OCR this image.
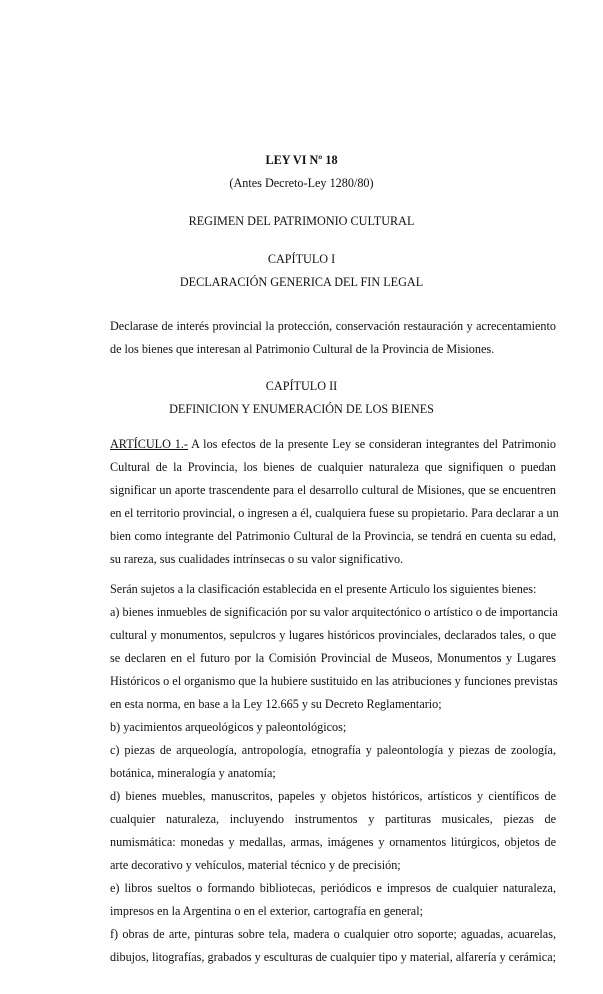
LEY VI Nº 18
(Antes Decreto-Ley 1280/80)
REGIMEN DEL PATRIMONIO CULTURAL
CAPÍTULO I
DECLARACIÓN GENERICA DEL FIN LEGAL
Declarase de interés provincial la protección, conservación restauración y acrecentamiento
de los bienes que interesan al Patrimonio Cultural de la Provincia de Misiones.
CAPÍTULO II
DEFINICION Y ENUMERACIÓN DE LOS BIENES
ARTÍCULO 1.- A los efectos de la presente Ley se consideran integrantes del Patrimonio
Cultural de la Provincia, los bienes de cualquier naturaleza que signifiquen o puedan
significar un aporte trascendente para el desarrollo cultural de Misiones, que se encuentren
en el territorio provincial, o ingresen a él, cualquiera fuese su propietario. Para declarar a un
bien como integrante del Patrimonio Cultural de la Provincia, se tendrá en cuenta su edad,
su rareza, sus cualidades intrínsecas o su valor significativo.
Serán sujetos a la clasificación establecida en el presente Articulo los siguientes bienes:
a) bienes inmuebles de significación por su valor arquitectónico o artístico o de importancia
cultural y monumentos, sepulcros y lugares históricos provinciales, declarados tales, o que
se declaren en el futuro por la Comisión Provincial de Museos, Monumentos y Lugares
Históricos o el organismo que la hubiere sustituido en las atribuciones y funciones previstas
en esta norma, en base a la Ley 12.665 y su Decreto Reglamentario;
b) yacimientos arqueológicos y paleontológicos;
c) piezas de arqueología, antropología, etnografía y paleontología y piezas de zoología,
botánica, mineralogía y anatomía;
d) bienes muebles, manuscritos, papeles y objetos históricos, artísticos y científicos de
cualquier naturaleza, incluyendo instrumentos y partituras musicales, piezas de
numismática: monedas y medallas, armas, imágenes y ornamentos litúrgicos, objetos de
arte decorativo y vehículos, material técnico y de precisión;
e) libros sueltos o formando bibliotecas, periódicos e impresos de cualquier naturaleza,
impresos en la Argentina o en el exterior, cartografía en general;
f) obras de arte, pinturas sobre tela, madera o cualquier otro soporte; aguadas, acuarelas,
dibujos, litografías, grabados y esculturas de cualquier tipo y material, alfarería y cerámica;
